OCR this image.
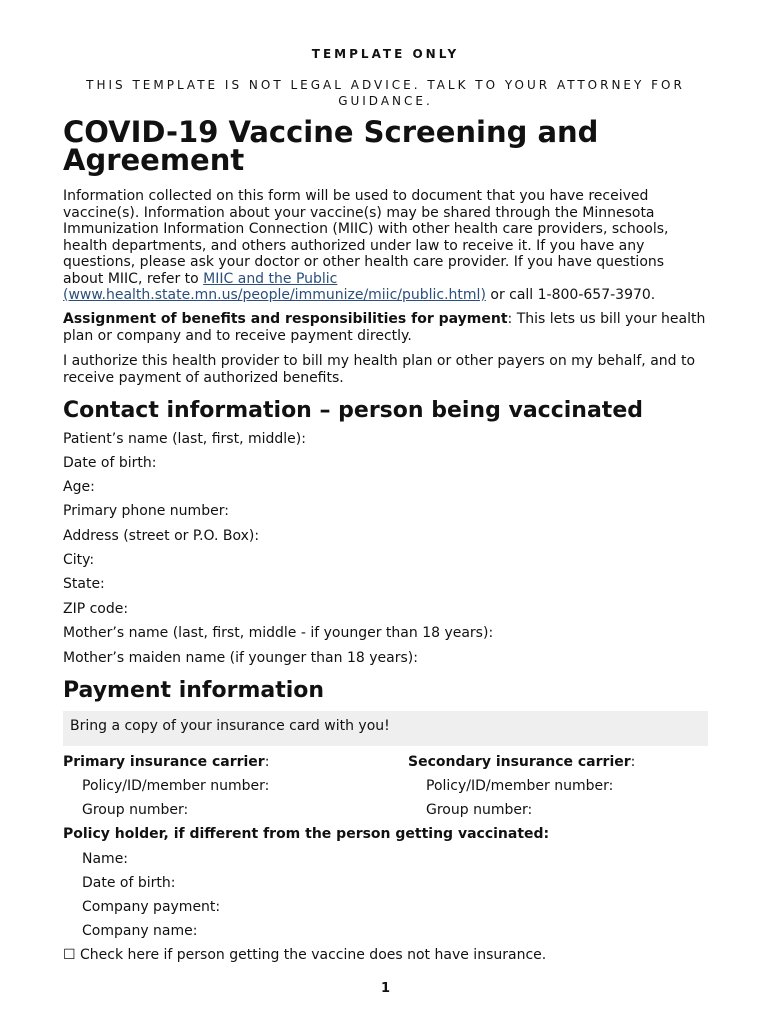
TEMPLATE ONLY
THIS TEMPLATE IS NOT LEGAL ADVICE. TALK TO YOUR ATTORNEY FOR GUIDANCE.
COVID-19 Vaccine Screening and Agreement

Information collected on this form will be used to document that you have received vaccine(s). Information about your vaccine(s) may be shared through the Minnesota Immunization Information Connection (MIIC) with other health care providers, schools, health departments, and others authorized under law to receive it. If you have any questions, please ask your doctor or other health care provider. If you have questions about MIIC, refer to MIIC and the Public (www.health.state.mn.us/people/immunize/miic/public.html) or call 1-800-657-3970.

Assignment of benefits and responsibilities for payment: This lets us bill your health plan or company and to receive payment directly.

I authorize this health provider to bill my health plan or other payers on my behalf, and to receive payment of authorized benefits.

Contact information – person being vaccinated
Patient’s name (last, first, middle):
Date of birth:
Age:
Primary phone number:
Address (street or P.O. Box):
City:
State:
ZIP code:
Mother’s name (last, first, middle - if younger than 18 years):
Mother’s maiden name (if younger than 18 years):
Payment information
Bring a copy of your insurance card with you!
Primary insurance carrier:	Secondary insurance carrier:
Policy/ID/member number:	Policy/ID/member number:
Group number:	Group number:
Policy holder, if different from the person getting vaccinated:
Name:
Date of birth:
Company payment:
Company name:
☐ Check here if person getting the vaccine does not have insurance.
1
